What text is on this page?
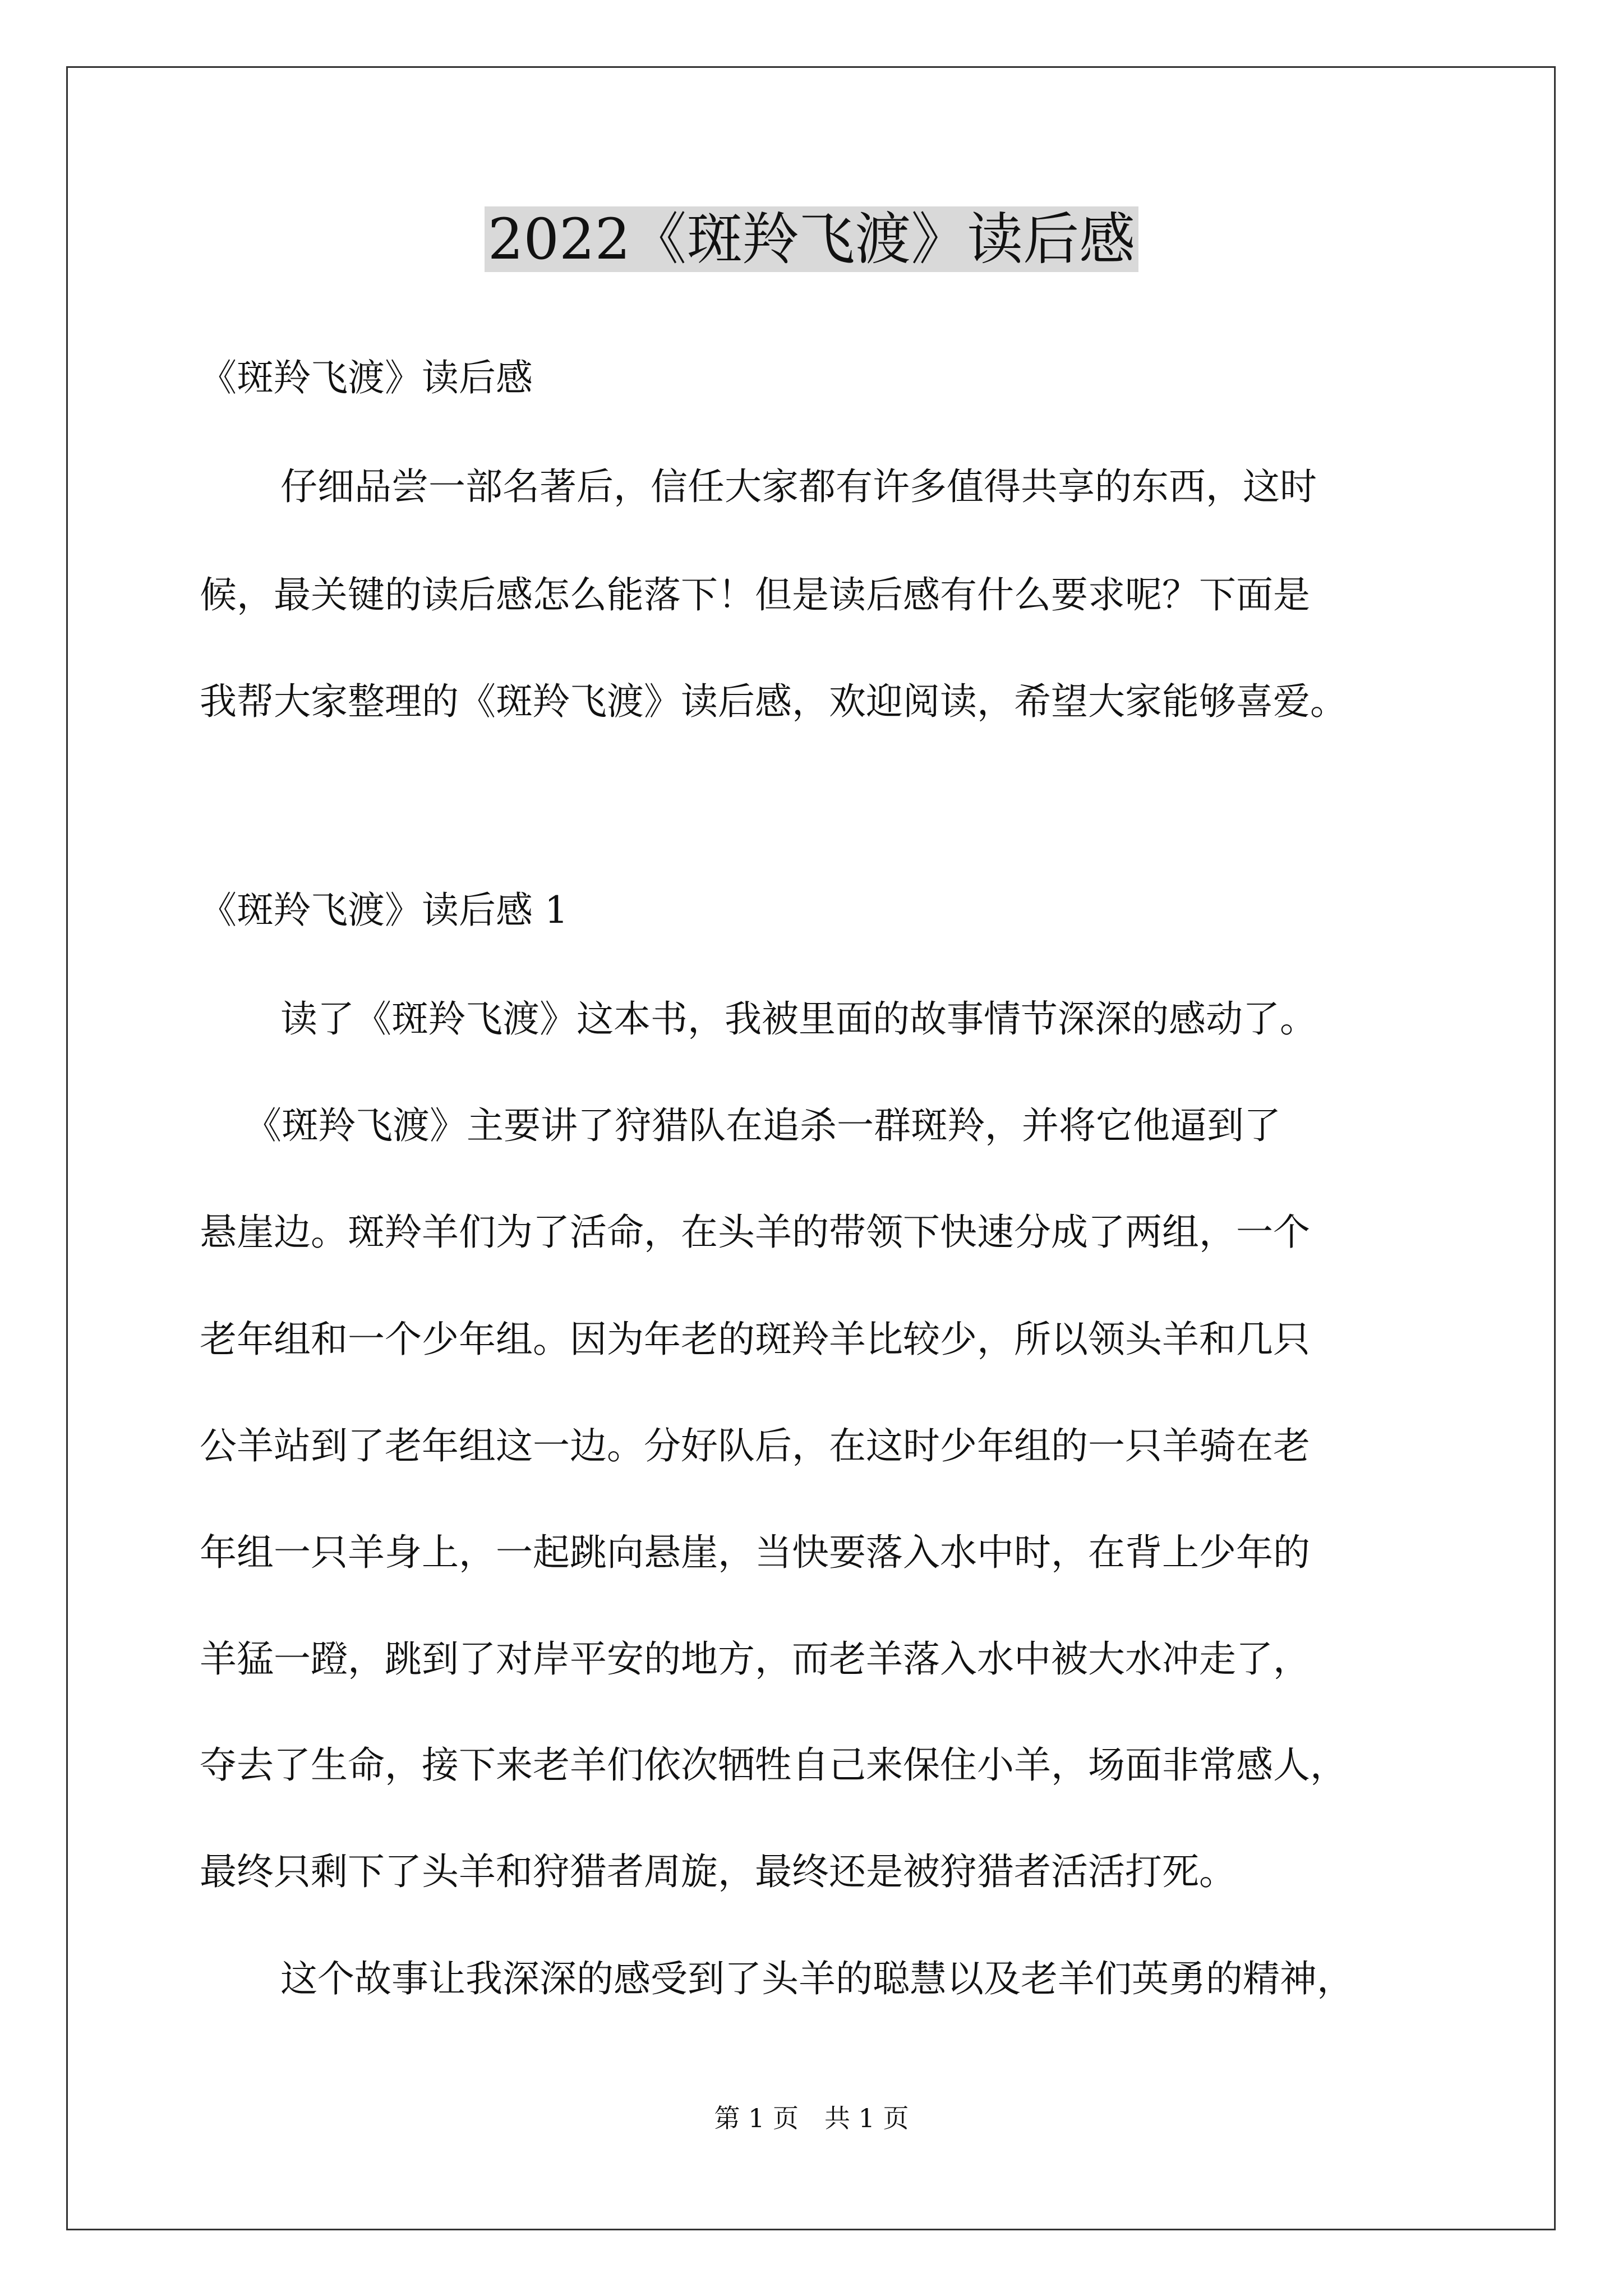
2022《斑羚飞渡》读后感
《斑羚飞渡》读后感
仔细品尝一部名著后，信任大家都有许多值得共享的东西，这时
候，最关键的读后感怎么能落下！但是读后感有什么要求呢？下面是
我帮大家整理的《斑羚飞渡》读后感，欢迎阅读，希望大家能够喜爱。
《斑羚飞渡》读后感 1
读了《斑羚飞渡》这本书，我被里面的故事情节深深的感动了。
《斑羚飞渡》主要讲了狩猎队在追杀一群斑羚，并将它他逼到了
悬崖边。斑羚羊们为了活命，在头羊的带领下快速分成了两组，一个
老年组和一个少年组。因为年老的斑羚羊比较少，所以领头羊和几只
公羊站到了老年组这一边。分好队后，在这时少年组的一只羊骑在老
年组一只羊身上，一起跳向悬崖，当快要落入水中时，在背上少年的
羊猛一蹬，跳到了对岸平安的地方，而老羊落入水中被大水冲走了，
夺去了生命，接下来老羊们依次牺牲自己来保住小羊，场面非常感人，
最终只剩下了头羊和狩猎者周旋，最终还是被狩猎者活活打死。
这个故事让我深深的感受到了头羊的聪慧以及老羊们英勇的精神，
第 1 页　共 1 页
